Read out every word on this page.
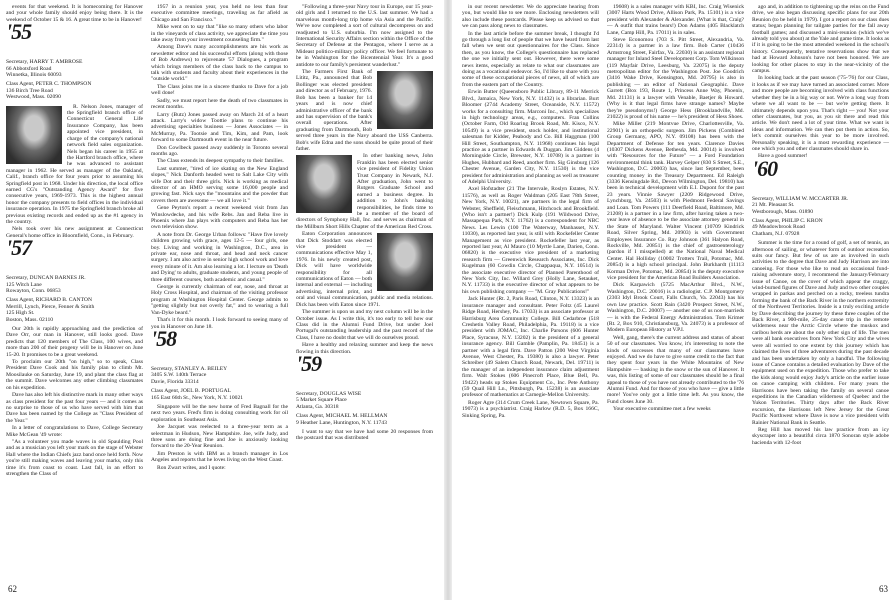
events for that weekend. It is homecoming for Hanover and your whole family should enjoy being there. It is the weekend of October 15 & 16. A great time to be in Hanover!

'55
Secretary, HARRY T. AMBROSE
66 Abbotsford Road
Winnetka, Illinois 60093
Class Agent, PETER C. THOMPSON
136 Birch Tree Road
Westwood, Mass. 02090

R. Nelson Jones, manager of the Springfield branch office of Connecticut General Life Insurance Company, has been appointed vice president, in charge of the company's national network field sales organization. Nels began his career in 1955 at the Hartford branch office, where he was advanced to assistant manager in 1962. He served as manager of the Oakland, Calif., branch office for four years prior to assuming his Springfield post in 1968. Under his direction, the local office earned CG's "Outstanding Agency Award" for five consecutive years, 1969-1973. This is the highest annual honor the company presents to field offices in the individual insurance operation. In 1975 the Springfield branch broke all previous existing records and ended up as the #1 agency in the country.

Nels took over his new assignment at Connecticut General's home office in Bloomfield, Conn., in February.

'57
Secretary, DUNCAN BARNES JR.
125 Witch Lane
Rowayton, Conn. 06853
Class Agent, RICHARD B. CANTON
Merrill, Lynch, Pierce, Fenner & Smith
125 High St.
Boston, Mass. 02110

Our 20th is rapidly approaching and the prediction of Dave Orr, our man in Hanover, still looks good. Dave predicts that 120 members of The Class, 100 wives, and more than 200 of their progeny will be in Hanover on June 15-20. It promises to be a great weekend.

To proclaim our 20th "on high," so to speak, Class President Dave Cook and his family plan to climb Mt. Moosilauke on Saturday, June 19, and plant the class flag at the summit. Dave welcomes any other climbing classmates on his expedition.

Dave has also left his distinctive mark in many other ways as class president for the past four years — and it comes as no surprise to those of us who have served with him that Dave has been named by the College as "Class President of the Year."

In a letter of congratulations to Dave, College Secretary Mike McGean '49 wrote:

"As a volunteer you made waves in old Spaulding Pool and as a musician you left your mark on the stage of Webster Hall where the Indian Chiefs jazz band once held forth. Now you're still making waves and leaving your marks, only this time it's from coast to coast. Last fall, in an effort to strengthen the Class of

1957 in a reunion year, you held no less than four executive committee meetings, traveling as far afield as Chicago and San Francisco."

Mike went on to say that "like so many others who labor in the vineyards of class activity, we appreciate the time you take away from your investment counseling firm."

Among Dave's many accomplishments are his work as newsletter editor and his successful efforts (along with those of Bob Andrews) to rejuvenate '57 Dialogues, a program which brings members of the class back to the campus to talk with students and faculty about their experiences in the "outside world."

The Class joins me in a sincere thanks to Dave for a job well done!

Sadly, we must report here the death of two classmates in recent months.

Larry (Butz) Jones passed away on March 24 of a heart attack. Larry's widow Toottie plans to continue his advertising specialties business — Jones Associates — in McMurray, Pa. Tootsie and Tim, Kim, and Pam, look forward to some Dartmouth event in the near future.

Don Cowlbeck passed away suddenly in Toronto several months ago.

The Class extends its deepest sympathy to their families.

Last summer, "tired of ice skating on the New England slopes," Nick Danforth headed west to Salt Lake City with wife Dot and their three girls. Nick is working as medical director of an HMO serving some 16,000 people and growing fast. Nick says the "mountains and the powder that covers them are awesome — we all love it."

Gene Peyton's report a recent weekend visit from Jan Winslowdecke, and his wife Rebs. Jan and Reba live in Phoenix where Jan plays with computers and Reba has her own television show.

A note from Dr. George Urban follows: "Have five lovely children growing with grace, ages 12-5 — four girls, one boy. Living and working in Washington, D.C., area in private ear, nose and throat, and head and neck cancer surgery. I am also active in senior high school work and love every minute of it. Am also learning a lot. I lecture on 'Death and Dying' to adults, graduate students, and young people of three different courses, both academic and casual."

George is currently chairman of ear, nose, and throat at Holy Cross Hospital, and chairman of the visiting professor program at Washington Hospital Center. George admits to "getting slightly but not overly fat," and to wearing a full Van-Dyke beard."

That's it for this month. I look forward to seeing many of you in Hanover on June 18.

'58
Secretary, STANLEY A. BEILEY
3405 S.W. 140th Terrace
Davie, Florida 33314
Class Agent, JOEL B. PORTUGAL
165 East 66th St., New York, N.Y. 10021

Singapore will be the new home of Fred Bagnall for the next two years. Fred's firm is doing consulting work for oil exploration in Southeast Asia.

Joe Jacquet was reelected to a three-year term as a selectman in Hudson, New Hampshire. Joe, wife Judy, and three sons are doing fine and Joe is anxiously looking forward to the 20-Year Reunion.

Jim Preston is with IBM as a branch manager in Los Angeles and reports that he loves living on the West Coast.

Ron Zwart writes, and I quote:

"Following a three-year Navy tour in Europe, our 15 year-old girls and I returned to the U.S. last summer. We had a marvelous month-long trip home via Asia and the Pacific. We've now completed a sort of cultural decompress on and readjusted to U.S. suburbia. I'm now assigned to the International Security Affairs section within the Office of the Secretary of Defense at the Pentagon, where I serve as a Mideast politico-military policy officer. We feel fortunate to be in Washington for the Bicentennial Year. It's a good antidote to our family's persistent wanderlust."

The Farmers First Bank of Lititz, Pa., announced that Bob Bollinger was elected president and director as of February, 1976. Bob has been a banker for 14 years and is now chief administrative officer of the bank and has supervision of the bank's overall operations. After graduating from Dartmouth, Bob served three years in the Navy aboard the USS Canberra. Bob's wife Edna and the sons should be quite proud of their father.

In other banking news, John Franklin has been elected senior vice president of Fidelity Union Trust Company in Newark, N.J. After graduation, John went to Rutgers Graduate School and earned a business degree. In addition to John's banking responsibilities, he finds time to be a member of the board of directors of Symphony Hall, Inc. and serves as chairman of the Millburn Short Hills Chapter of the American Red Cross.

Eaton Corporation announces that Dick Stoddart was elected vice president — communications effective May 1, 1976. In his newly created post, Dick will have worldwide responsibility for all communications of Eaton — both internal and external — including advertising, internal print, and oral and visual communication, public and media relations. Dick has been with Eaton since 1971.

The summer is upon us and my next column will be in the October issue. As I write this, it's too early to tell how our Class did in the Alumni Fund Drive, but under Joel Portugal's outstanding leadership and the past record of the Class, I have no doubt that we will do ourselves proud.

Have a healthy and relaxing summer and keep the news flowing in this direction.

'59
Secretary, DOUGLAS WISE
5 Market Square Place
Atlanta, Ga. 30318
Class Agent, MICHAEL M. HELLMAN
9 Heather Lane, Huntington, N.Y. 11743

I want to say that we have had some 20 responses from the postcard that was distributed

62

in our recent newsletter. We do appreciate hearing from you, but would like to see more. Enclosing newsletters will also include these postcards. Please keep us advised so that we can pass along news to classmates.

In the last article before the summer break, I thought I'd go through a long list of people that we have heard from last fall when we sent out questionnaires for the Class. Since then, as you know, the College's questionnaire has replaced the one we initially sent out. However, there were some news items, especially as relate to what our classmates are doing as a vocational endeavor. So, I'd like to share with you some of these occupational pieces of news, all of which are from the eastern part of the Country.

Erwin Butter (Queensboro Public Library, 89-11 Merrick Blvd., Jamaica, New York, N.Y. 11432) is a librarian. Burt Bloomer (2744 Academy Street, Oceanside, N.Y. 11572) works for a consulting firm. Marconi Inc., which specializes in high technology areas, e.g., computers. Fran Collins (October Farm, Old Roaring Brook Road, Mt. Kisco, N.Y. 10549) is a vice president, stock holder, and institutional salesman for Kidder, Peabody and Co. Bill Haggman (100 Hill Street, Southampton, N.Y. 11968) continues his legal practice as a partner in Edwards & Duggan. Jim Giddens (4 Morningside Circle, Brewster, N.Y. 10708) is a partner in Hughes, Hubbard and Reed, another firm. Sig Ginsburg (126 Chester Avenue, Garden City, N.Y. 11530) is the vice president for administration and planning as well as treasurer of Adelphi University.

Axel Hofstadter (21 The Intervale, Roslyn Estates, N.Y. 11576), as well as Roger Waldman (205 East 78th Street, New York, N.Y. 10021), are partners in the legal firm of Webster, Sheffield, Fleischmann, Hitchcock and Brookfield. (Who isn't a partner!) Dick Kulp (191 Wildwood Drive, Massapequa Park, N.Y. 11762) is a correspondent for NBC News. Les Lewin (100 The Waterway, Manhasset, N.Y. 11030), as reported last year, is still with Rockefeller Center Management as vice president. Rockefeller last year, as reported last year, Al Mauro (10 Myrtle Lane, Darien, Conn. 06820) is the executive vice president of a marketing research firm — Greenwich Research Associates, Inc. Dick Kugelman (60 Cowdin Circle, Chappaqua, N.Y. 10514) is the associate executive director of Planned Parenthood of New York City, Inc. Willard Grey (Holly Lane, Setauket, N.Y. 11733) is the executive director of what appears to be his own publishing company — "M. Gray Publications!"

Jack Hunter (Rt. 2, Paris Road, Clinton, N.Y. 13323) is an insurance manager and consultant. Peter Foltz (45 Laurel Ridge Road, Hershey, Pa. 17033) is an associate professor at Harrisburg Area Community College. Bill Cedarbroe (518 Creshetin Valley Road, Philadelphia, Pa. 19118) is a vice president with JOMAC, Inc. Charlie Parsons (606 Hunter Place, Syracuse, N.Y. 13202) is the president of a general insurance agency. Bill Gamble (Pamplin, Pa. 18451) is a partner with a legal firm. Dave Patton (200 West Virginia Avenue, West Chester, Pa. 19380) is also a lawyer. Peter Schreiber (49 Salem Church Road, Newark, Del. 19711) is the manager of an independent insurance claim adjustment firm. Walt Stokes (606 Pinecroft Place, Blue Bell, Pa. 19422) heads up Stokes Equipment Co., Inc. Pete Anthony (59 Quail Hill Ln., Pittsburgh, Pa. 15238) is an associate professor of mathematics at Carnegie-Mellon University.

Roger Agre (314 Crum Creek Lane, Newtown Square, Pa. 19073) is a psychiatrist. Craig Harlow (R.D. 5, Box 166C, Sinking Spring, Pa.

19608) is a sales manager with KBI, Inc. Craig Wisenick (3007 Harts Wood Drive, Allison Park, Pa. 15101) is a vice president with Alexander & Alexander. (What is that, Craig? — A outfit that trains bears!) Don Adams (405 Blacklatch Lane, Camp Hill, Pa. 17011) is in sales.

Steve Economou (703 S. Pitt Street, Alexandria, Va. 22314) is a partner in a law firm. Bob Carter (10436 Armstrong Street, Fairfax, Va. 22030) is an assistant regional manager for Inland Steel Development Corp. Tom Wilkinson (119 Mayfair Drive, Leesburg, Va. 22075) is the deputy metropolitan editor for the Washington Post. Joe Goodrich (3416 Wake Drive, Kensington, Md. 20795) is also in publishing — an editor of National Geographic. Dave Garrett (Box 193, Route 1, Princess Anne Way, Phoenix, Md. 21131) is a lawyer with Venable, Baetjer & Howard. (Why is it that legal firms have strange names? Maybe they're pseudonyms!) George Hess (Brooklandville, Md. 21022) is proud of his name — he's president of Hess Shoes.

Mike Miller (219 Montvue Drive, Charlottesville, Va. 22901) is an orthopedic surgeon. Jim Pickens (Combined Group Germany, APO, N.Y. 09108) has been with the Department of Defense for ten years. Clarence Davies (10307 Dickens Avenue, Bethesda, Md. 20014) is involved with "Resources for the Future" — a Ford Foundation environmental think tank. Harvey Gelper (830 S Street, S.E., Washington, D.C. 20003) has, since last September, been counting money in the Treasury Department. Ed Raleigh (3336 Kensingdale Rd., Devon Wilmington, Del. 19810) has been in technical development with E.I. Dupont for the past 23 years. Vinnie Sawyer (2209 Ridgewood Drive, Lynchburg, Va. 24503) is with Piedmont Federal Savings and Loan. Tom Powers (111 Deerfield Road, Baltimore, Md. 21208) is a partner in a law firm, after having taken a two-year leave of absence to be the associate attorney general in the State of Maryland. Walter Vincent (10709 Kindrick Road, Silver Spring, Md. 20903) is with Government Employees Insurance Co. Ray Johnson (361 Halyon Road, Rockville, Md. 20851) is the chief of gastroenterology (pardon if I misspelled) at the National Naval Medical Center. Hal Holliday (10002 Trotters Trail, Potomac, Md. 20854) is a high school principal. John Burkhardt (11113 Korman Drive, Potomac, Md. 20854) is the deputy executive vice president for the American Road Builders Association.

Dick Karpawich (5725 MacArthur Blvd., N.W., Washington, D.C. 20016) is a radiologist. C.P. Montgomery (2303 Idyl Brook Court, Falls Church, Va. 22043) has his own law practice. Scott Rain (3420 Prospect Street, N.W., Washington, D.C. 20007) — another one of us non-marrieds — is with the Federal Energy Administration. Tom Krimer (Rt. 2, Box 910, Christiansburg, Va. 24073) is a professor of Modern European History at V.P.I.

Well, gang, there's the current address and status of about 50 of our classmates. You know, it's interesting to note the kinds of successes that many of our classmates have enjoyed. And we do have to give some credit to the fact that they spent four years in the White Mountains of New Hampshire — basking in the snow or the sun of Hanover. It was, this listing of some of our classmates should be a final appeal to those of you have not already contributed to the '76 Alumni Fund. And for those of you who have — give a little more! You've only got a little time left. As you know, the Fund closes June 30.

Your executive committee met a few weeks

ago and, in addition to tightening up the reins on the Fund drive, we also began discussing specific plans for our 20th Reunion (to be held in 1979). I got a report on our class dues status; began planning for tailgate parties for the fall away football games; and discussed a mini-reunion (which we've already told you about) at the Yale and game time. It looks as if it is going to be the most attended weekend in the school's history. Consequently, tentative reservations show that we had at Howard Johnson's have not been honored. We are looking for other places to stay in the near-vicinity of the campus.

In looking back at the past season ('75-'76) for our Class, it looks as if we may have turned an associated corner. More and more people are becoming involved with class functions whether they be in a big way or not. We're a long way from where we all want to be — but we're getting there. It ultimately depends upon you. That's right — you! Not your other classmates, but you, as you sit there and read this article. We don't need a lot of your time. What we want is ideas and information. We can then put them in action. So, let's commit ourselves this year to be more involved. Personally speaking, it is a most rewarding experience — one which you and other classmates should share in.

Have a good summer!

'60
Secretary, WILLIAM W. MCCARTER JR.
21 Mt. Pleasant St.
Westborough, Mass. 01890
Class Agent, PHILIP C. KRON
49 Meadowbrook Road
Chatham, N.J. 07928

Summer is the time for a round of golf, a set of tennis, an afternoon of sailing, or whatever form of outdoor recreation suits our fancy. But few of us are as involved in such activities to the degree that Dave and Judy Harrison are into canoeing. For those who like to read an occasional fund-raising adventure story, I recommend the January/February issue of Canoe, on the cover of which appear the craggy, wind-burned figures of Dave and Judy and two other couples wrapped in parkas and perched on a rocky, treeless tundra forming the bank of the Back River in the northern extremity of the Northwest Territories. Inside is a truly exciting article by Dave describing the journey by these three couples of the Back River, a 900-mile, 25-day canoe trip in the remote wilderness near the Arctic Circle where the muskox and caribou herds are about the only other sign of life. The men were all bank executives from New York City and the wives were all worried to one extent by this journey which has claimed the lives of three adventurers during the past decade and has been undertaken by only a handful. The following issue of Canoe contains a detailed evaluation by Dave of the equipment used on the expedition. Those who prefer to take the kids along would enjoy Judy's article on the earlier issue on canoe camping with children. For many years the Harrisons have been taking the family on several canoe expeditions in the Canadian wilderness of Quebec and the Yukon Territories. Thirty days after the Back River excursion, the Harrisons left New Jersey for the Great Pacific Northwest where Dave is now a vice president with Rainier National Bank in Seattle.

Reg Hill has moved his law practice from an icy skyscraper into a beautiful circa 1870 Sonoran style adobe hacienda with 12-foot

63
